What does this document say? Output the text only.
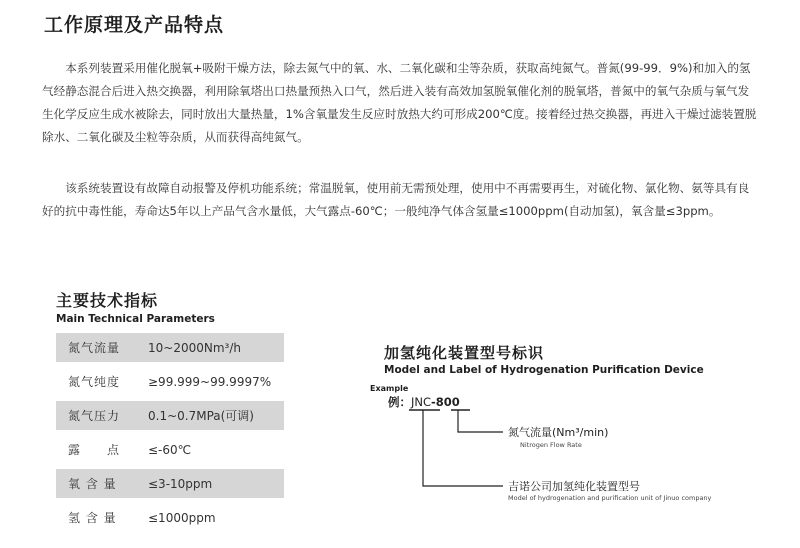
工作原理及产品特点

本系列装置采用催化脱氧+吸附干燥方法，除去氮气中的氧、水、二氧化碳和尘等杂质，获取高纯氮气。普氮(99-99．9%)和加入的氢气经静态混合后进入热交换器，利用除氧塔出口热量预热入口气，然后进入装有高效加氢脱氧催化剂的脱氧塔，普氮中的氧气杂质与氧气发生化学反应生成水被除去，同时放出大量热量，1%含氧量发生反应时放热大约可形成200℃度。接着经过热交换器，再进入干燥过滤装置脱除水、二氧化碳及尘粒等杂质，从而获得高纯氮气。

该系统装置设有故障自动报警及停机功能系统；常温脱氧，使用前无需预处理，使用中不再需要再生，对硫化物、氯化物、氨等具有良好的抗中毒性能，寿命达5年以上产品气含水量低，大气露点-60℃；一般纯净气体含氢量≤1000ppm(自动加氢)，氧含量≤3ppm。

主要技术指标
Main Technical Parameters
氮气流量	10~2000Nm³/h
氮气纯度	≥99.999~99.9997%
氮气压力	0.1~0.7MPa(可调)
露　　点	≤-60℃
氧 含 量	≤3-10ppm
氢 含 量	≤1000ppm
加氢纯化装置型号标识
Model and Label of Hydrogenation Purification Device
Example
例：JNC-800
氮气流量(Nm³/min)
Nitrogen Flow Rate
吉诺公司加氢纯化装置型号
Model of hydrogenation and purification unit of Jinuo company
